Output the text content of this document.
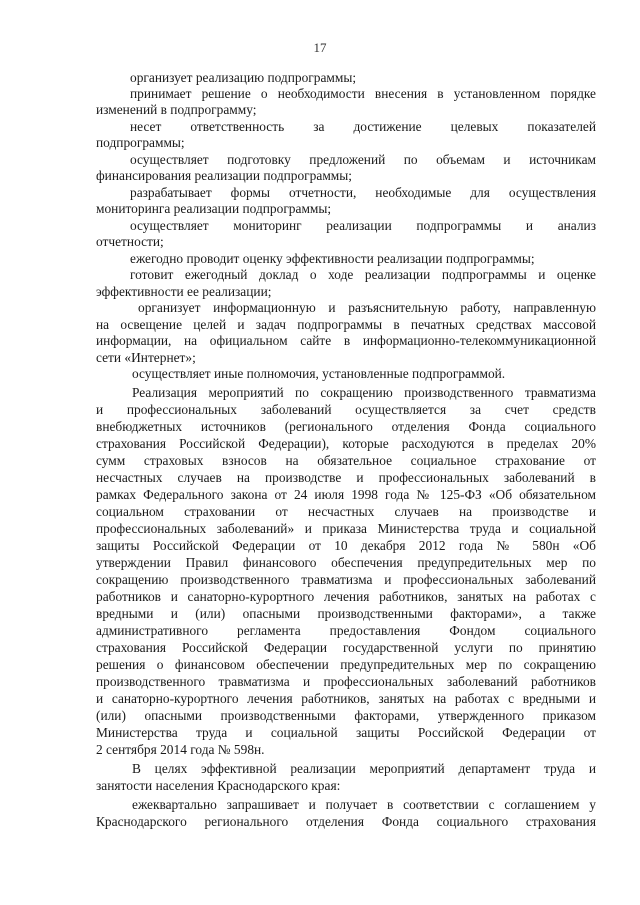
17
организует реализацию подпрограммы;
принимает решение о необходимости внесения в установленном порядке
изменений в подпрограмму;
несет ответственность за достижение целевых показателей
подпрограммы;
осуществляет подготовку предложений по объемам и источникам
финансирования реализации подпрограммы;
разрабатывает формы отчетности, необходимые для осуществления
мониторинга реализации подпрограммы;
осуществляет мониторинг реализации подпрограммы и анализ
отчетности;
ежегодно проводит оценку эффективности реализации подпрограммы;
готовит ежегодный доклад о ходе реализации подпрограммы и оценке
эффективности ее реализации;
организует информационную и разъяснительную работу, направленную
на освещение целей и задач подпрограммы в печатных средствах массовой
информации, на официальном сайте в информационно-телекоммуникационной
сети «Интернет»;
осуществляет иные полномочия, установленные подпрограммой.
Реализация мероприятий по сокращению производственного травматизма
и профессиональных заболеваний осуществляется за счет средств
внебюджетных источников (регионального отделения Фонда социального
страхования Российской Федерации), которые расходуются в пределах 20%
сумм страховых взносов на обязательное социальное страхование от
несчастных случаев на производстве и профессиональных заболеваний в
рамках Федерального закона от 24 июля 1998 года № 125-ФЗ «Об обязательном
социальном страховании от несчастных случаев на производстве и
профессиональных заболеваний» и приказа Министерства труда и социальной
защиты Российской Федерации от 10 декабря 2012 года № 580н «Об
утверждении Правил финансового обеспечения предупредительных мер по
сокращению производственного травматизма и профессиональных заболеваний
работников и санаторно-курортного лечения работников, занятых на работах с
вредными и (или) опасными производственными факторами», а также
административного регламента предоставления Фондом социального
страхования Российской Федерации государственной услуги по принятию
решения о финансовом обеспечении предупредительных мер по сокращению
производственного травматизма и профессиональных заболеваний работников
и санаторно-курортного лечения работников, занятых на работах с вредными и
(или) опасными производственными факторами, утвержденного приказом
Министерства труда и социальной защиты Российской Федерации от
2 сентября 2014 года № 598н.
В целях эффективной реализации мероприятий департамент труда и
занятости населения Краснодарского края:
ежеквартально запрашивает и получает в соответствии с соглашением у
Краснодарского регионального отделения Фонда социального страхования
